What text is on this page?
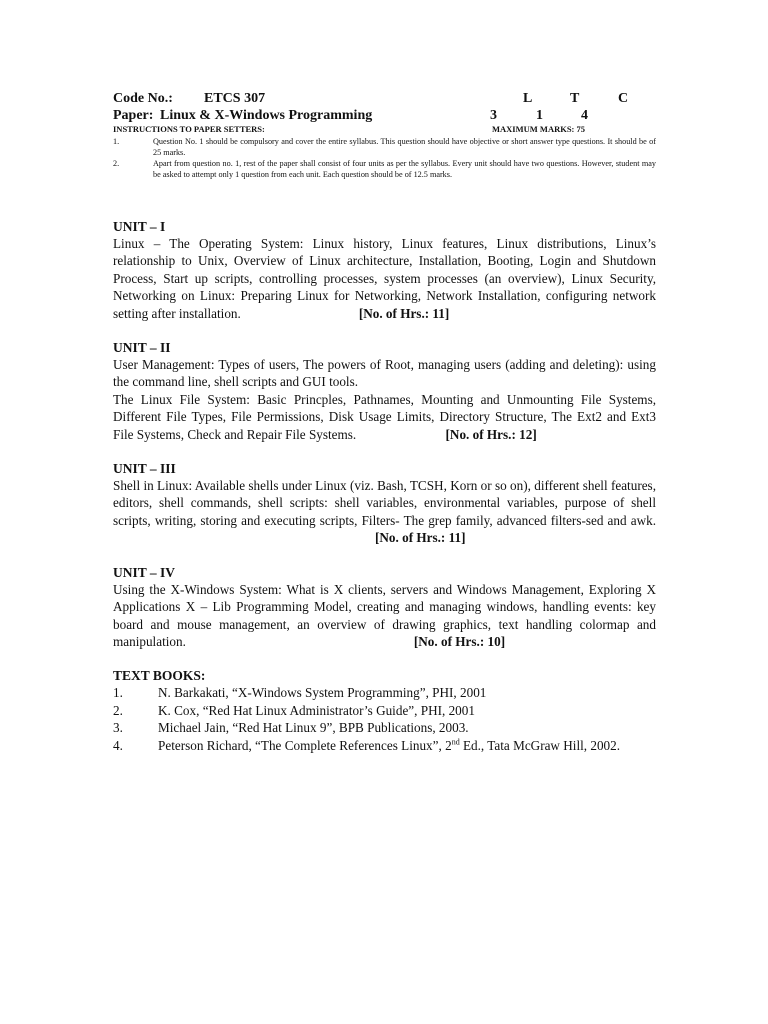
Code No.: ETCS 307	L	T	C
Paper: Linux & X-Windows Programming	3	1	4
INSTRUCTIONS TO PAPER SETTERS:	MAXIMUM MARKS: 75
1.	Question No. 1 should be compulsory and cover the entire syllabus. This question should have objective or short answer type questions. It should be of 25 marks.
2.	Apart from question no. 1, rest of the paper shall consist of four units as per the syllabus. Every unit should have two questions. However, student may be asked to attempt only 1 question from each unit. Each question should be of 12.5 marks.
UNIT – I

Linux – The Operating System: Linux history, Linux features, Linux distributions, Linux’s relationship to Unix, Overview of Linux architecture, Installation, Booting, Login and Shutdown Process, Start up scripts, controlling processes, system processes (an overview), Linux Security, Networking on Linux: Preparing Linux for Networking, Network Installation, configuring network setting after installation.	[No. of Hrs.: 11]

UNIT – II

User Management: Types of users, The powers of Root, managing users (adding and deleting): using the command line, shell scripts and GUI tools.

The Linux File System: Basic Princples, Pathnames, Mounting and Unmounting File Systems, Different File Types, File Permissions, Disk Usage Limits, Directory Structure, The Ext2 and Ext3 File Systems, Check and Repair File Systems.	[No. of Hrs.: 12]

UNIT – III

Shell in Linux: Available shells under Linux (viz. Bash, TCSH, Korn or so on), different shell features, editors, shell commands, shell scripts: shell variables, environmental variables, purpose of shell scripts, writing, storing and executing scripts, Filters- The grep family, advanced filters-sed and awk. [No. of Hrs.: 11]

UNIT – IV

Using the X-Windows System: What is X clients, servers and Windows Management, Exploring X Applications X – Lib Programming Model, creating and managing windows, handling events: key board and mouse management, an overview of drawing graphics, text handling colormap and manipulation.	[No. of Hrs.: 10]

TEXT BOOKS:
1.	N. Barkakati, “X-Windows System Programming”, PHI, 2001
2.	K. Cox, “Red Hat Linux Administrator’s Guide”, PHI, 2001
3.	Michael Jain, “Red Hat Linux 9”, BPB Publications, 2003.
4.	Peterson Richard, “The Complete References Linux”, 2nd Ed., Tata McGraw Hill, 2002.
